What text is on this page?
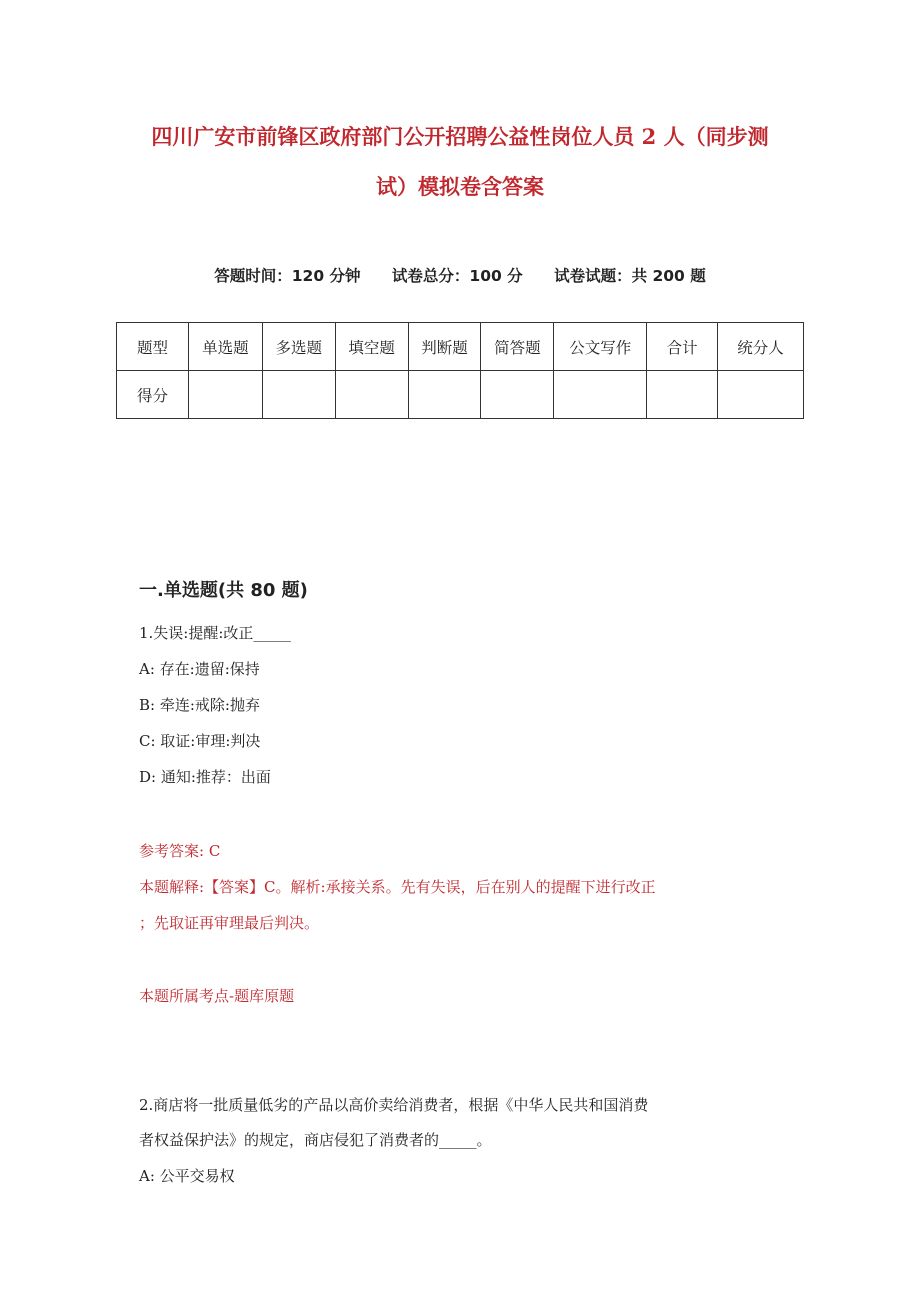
四川广安市前锋区政府部门公开招聘公益性岗位人员 2 人（同步测
试）模拟卷含答案
答题时间：120 分钟 试卷总分：100 分 试卷试题：共 200 题
题型	单选题	多选题	填空题	判断题	简答题	公文写作	合计	统分人
得分								
一.单选题(共 80 题)
1.失误:提醒:改正_____
A: 存在:遗留:保持
B: 牵连:戒除:抛弃
C: 取证:审理:判决
D: 通知:推荐：出面
参考答案: C
本题解释:【答案】C。解析:承接关系。先有失误，后在别人的提醒下进行改正
；先取证再审理最后判决。
本题所属考点-题库原题
2.商店将一批质量低劣的产品以高价卖给消费者，根据《中华人民共和国消费
者权益保护法》的规定，商店侵犯了消费者的_____。
A: 公平交易权
